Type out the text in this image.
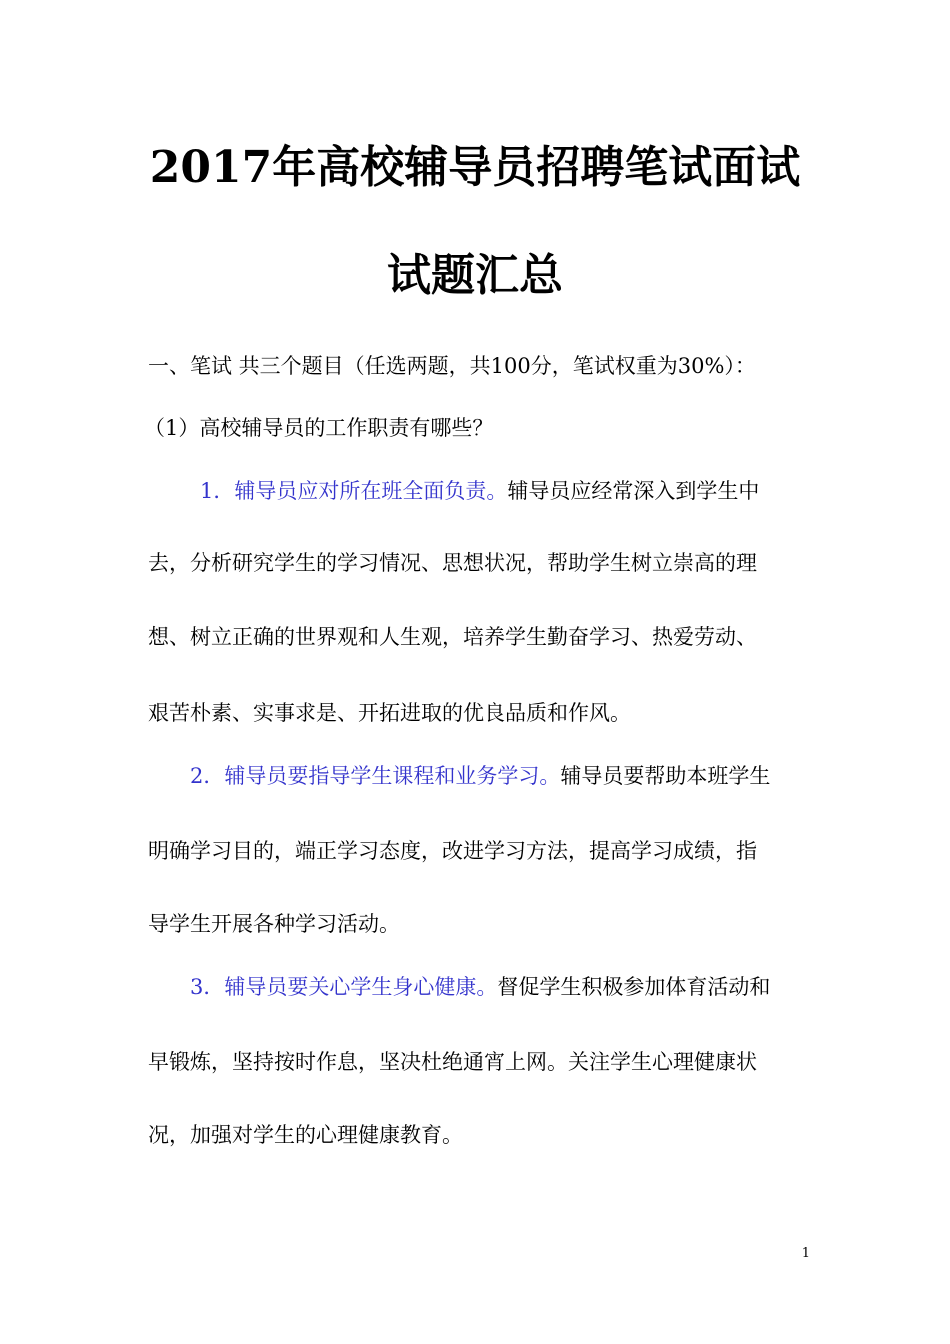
2017年高校辅导员招聘笔试面试
试题汇总

一、笔试 共三个题目（任选两题，共100分，笔试权重为30%）：

（1）高校辅导员的工作职责有哪些？

1．辅导员应对所在班全面负责。辅导员应经常深入到学生中

去，分析研究学生的学习情况、思想状况，帮助学生树立崇高的理

想、树立正确的世界观和人生观，培养学生勤奋学习、热爱劳动、

艰苦朴素、实事求是、开拓进取的优良品质和作风。

2．辅导员要指导学生课程和业务学习。辅导员要帮助本班学生

明确学习目的，端正学习态度，改进学习方法，提高学习成绩，指

导学生开展各种学习活动。

3．辅导员要关心学生身心健康。督促学生积极参加体育活动和

早锻炼，坚持按时作息，坚决杜绝通宵上网。关注学生心理健康状

况，加强对学生的心理健康教育。

1
